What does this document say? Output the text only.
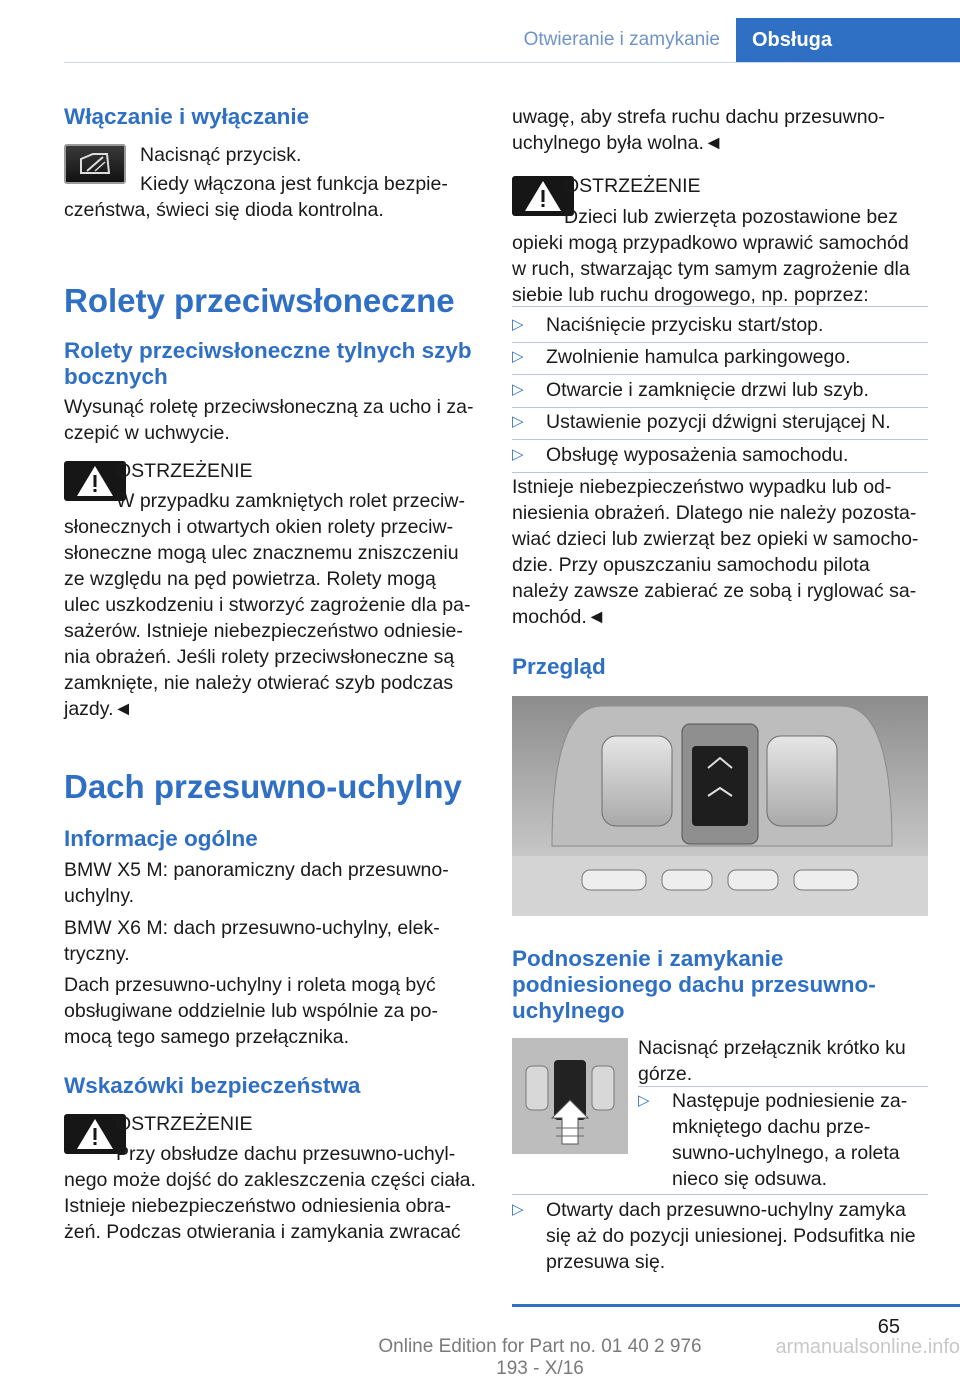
Otwieranie i zamykanie	Obsługa
Włączanie i wyłączanie
Nacisnąć przycisk.
Kiedy włączona jest funkcja bezpie‐
czeństwa, świeci się dioda kontrolna.
Rolety przeciwsłoneczne

Rolety przeciwsłoneczne tylnych szyb

bocznych

Wysunąć roletę przeciwsłoneczną za ucho i za‐

czepić w uchwycie.

OSTRZEŻENIE
W przypadku zamkniętych rolet przeciw‐

słonecznych i otwartych okien rolety przeciw‐

słoneczne mogą ulec znacznemu zniszczeniu

ze względu na pęd powietrza. Rolety mogą

ulec uszkodzeniu i stworzyć zagrożenie dla pa‐

sażerów. Istnieje niebezpieczeństwo odniesie‐

nia obrażeń. Jeśli rolety przeciwsłoneczne są

zamknięte, nie należy otwierać szyb podczas

jazdy.◄

Dach przesuwno-uchylny
Informacje ogólne

BMW X5 M: panoramiczny dach przesuwno-

uchylny.

BMW X6 M: dach przesuwno-uchylny, elek‐

tryczny.

Dach przesuwno-uchylny i roleta mogą być

obsługiwane oddzielnie lub wspólnie za po‐

mocą tego samego przełącznika.

Wskazówki bezpieczeństwa
OSTRZEŻENIE
Przy obsłudze dachu przesuwno-uchyl‐

nego może dojść do zakleszczenia części ciała.

Istnieje niebezpieczeństwo odniesienia obra‐

żeń. Podczas otwierania i zamykania zwracać

uwagę, aby strefa ruchu dachu przesuwno-

uchylnego była wolna.◄

OSTRZEŻENIE
Dzieci lub zwierzęta pozostawione bez

opieki mogą przypadkowo wprawić samochód

w ruch, stwarzając tym samym zagrożenie dla

siebie lub ruchu drogowego, np. poprzez:

▷ Naciśnięcie przycisku start/stop.
▷ Zwolnienie hamulca parkingowego.
▷ Otwarcie i zamknięcie drzwi lub szyb.
▷ Ustawienie pozycji dźwigni sterującej N.
▷ Obsługę wyposażenia samochodu.

Istnieje niebezpieczeństwo wypadku lub od‐

niesienia obrażeń. Dlatego nie należy pozosta‐

wiać dzieci lub zwierząt bez opieki w samocho‐

dzie. Przy opuszczaniu samochodu pilota

należy zawsze zabierać ze sobą i ryglować sa‐

mochód.◄

Przegląd

Podnoszenie i zamykanie

podniesionego dachu przesuwno-

uchylnego

Nacisnąć przełącznik krótko ku

górze.

▷ Następuje podniesienie za‐

mkniętego dachu prze‐

suwno-uchylnego, a roleta

nieco się odsuwa.

▷ Otwarty dach przesuwno-uchylny zamyka

się aż do pozycji uniesionej. Podsufitka nie

przesuwa się.

65
Online Edition for Part no. 01 40 2 976 193 - X/16
armanualsonline.info
